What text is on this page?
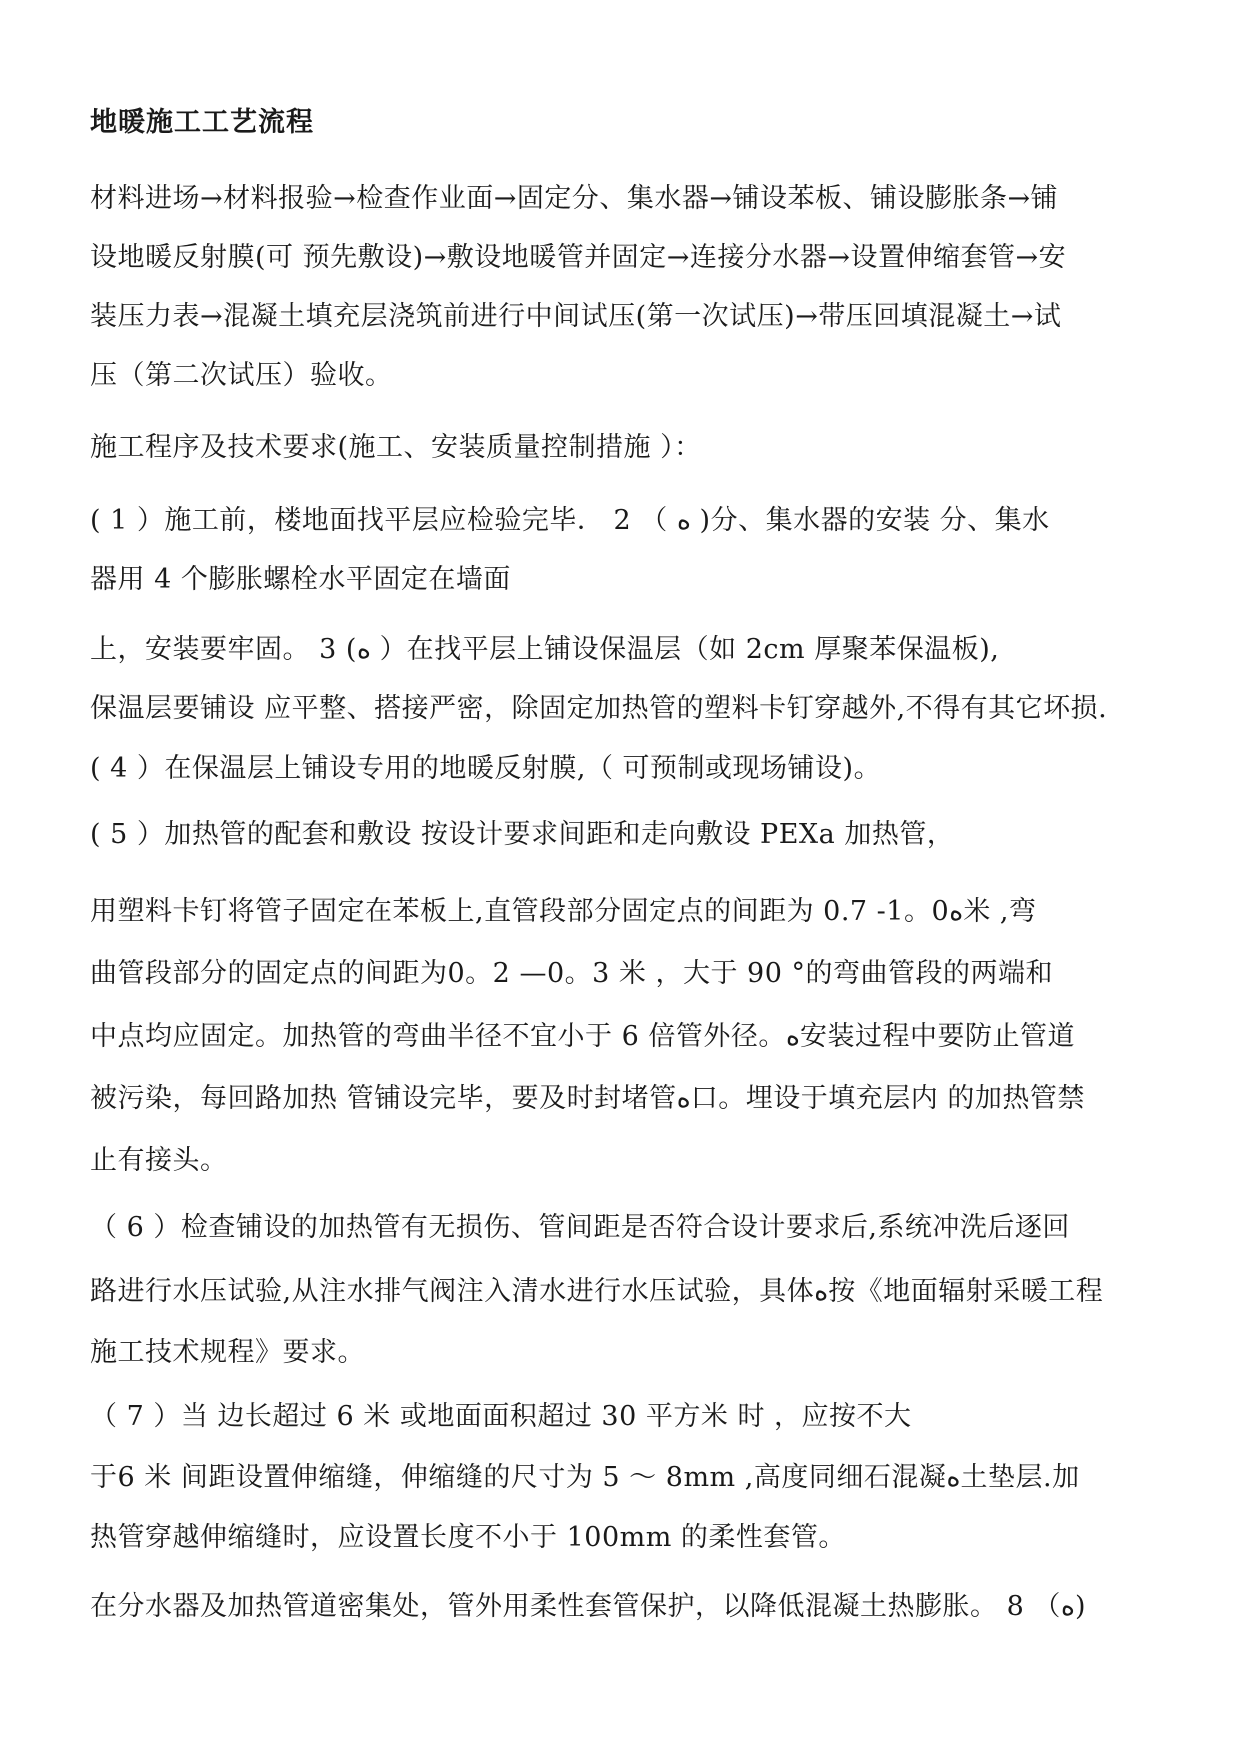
地暖施工工艺流程
材料进场→材料报验→检查作业面→固定分、集水器→铺设苯板、铺设膨胀条→铺
设地暖反射膜(可 预先敷设)→敷设地暖管并固定→连接分水器→设置伸缩套管→安
装压力表→混凝土填充层浇筑前进行中间试压(第一次试压)→带压回填混凝土→试
压（第二次试压）验收。
施工程序及技术要求(施工、安装质量控制措施 ）：
( 1 ）施工前，楼地面找平层应检验完毕． 2 （ ه )分、集水器的安装 分、集水
器用 4 个膨胀螺栓水平固定在墙面
上，安装要牢固。 3 (ه ）在找平层上铺设保温层（如 2cm 厚聚苯保温板),
保温层要铺设 应平整、搭接严密，除固定加热管的塑料卡钉穿越外,不得有其它坏损.
( 4 ）在保温层上铺设专用的地暖反射膜,（ 可预制或现场铺设)。
( 5 ）加热管的配套和敷设 按设计要求间距和走向敷设 PEXa 加热管，
用塑料卡钉将管子固定在苯板上,直管段部分固定点的间距为 0.7 -1。0ه米 ,弯
曲管段部分的固定点的间距为0。2 —0。3 米 ，大于 90 °的弯曲管段的两端和
中点均应固定。加热管的弯曲半径不宜小于 6 倍管外径。ه安装过程中要防止管道
被污染，每回路加热 管铺设完毕，要及时封堵管ه口。埋设于填充层内 的加热管禁
止有接头。
（ 6 ）检查铺设的加热管有无损伤、管间距是否符合设计要求后,系统冲洗后逐回
路进行水压试验,从注水排气阀注入清水进行水压试验，具体ه按《地面辐射采暖工程
施工技术规程》要求。
（ 7 ）当 边长超过 6 米 或地面面积超过 30 平方米 时 ，应按不大
于6 米 间距设置伸缩缝，伸缩缝的尺寸为 5 ～ 8mm ,高度同细石混凝ه土垫层.加
热管穿越伸缩缝时，应设置长度不小于 100mm 的柔性套管。
在分水器及加热管道密集处，管外用柔性套管保护，以降低混凝土热膨胀。 8 （ه)
